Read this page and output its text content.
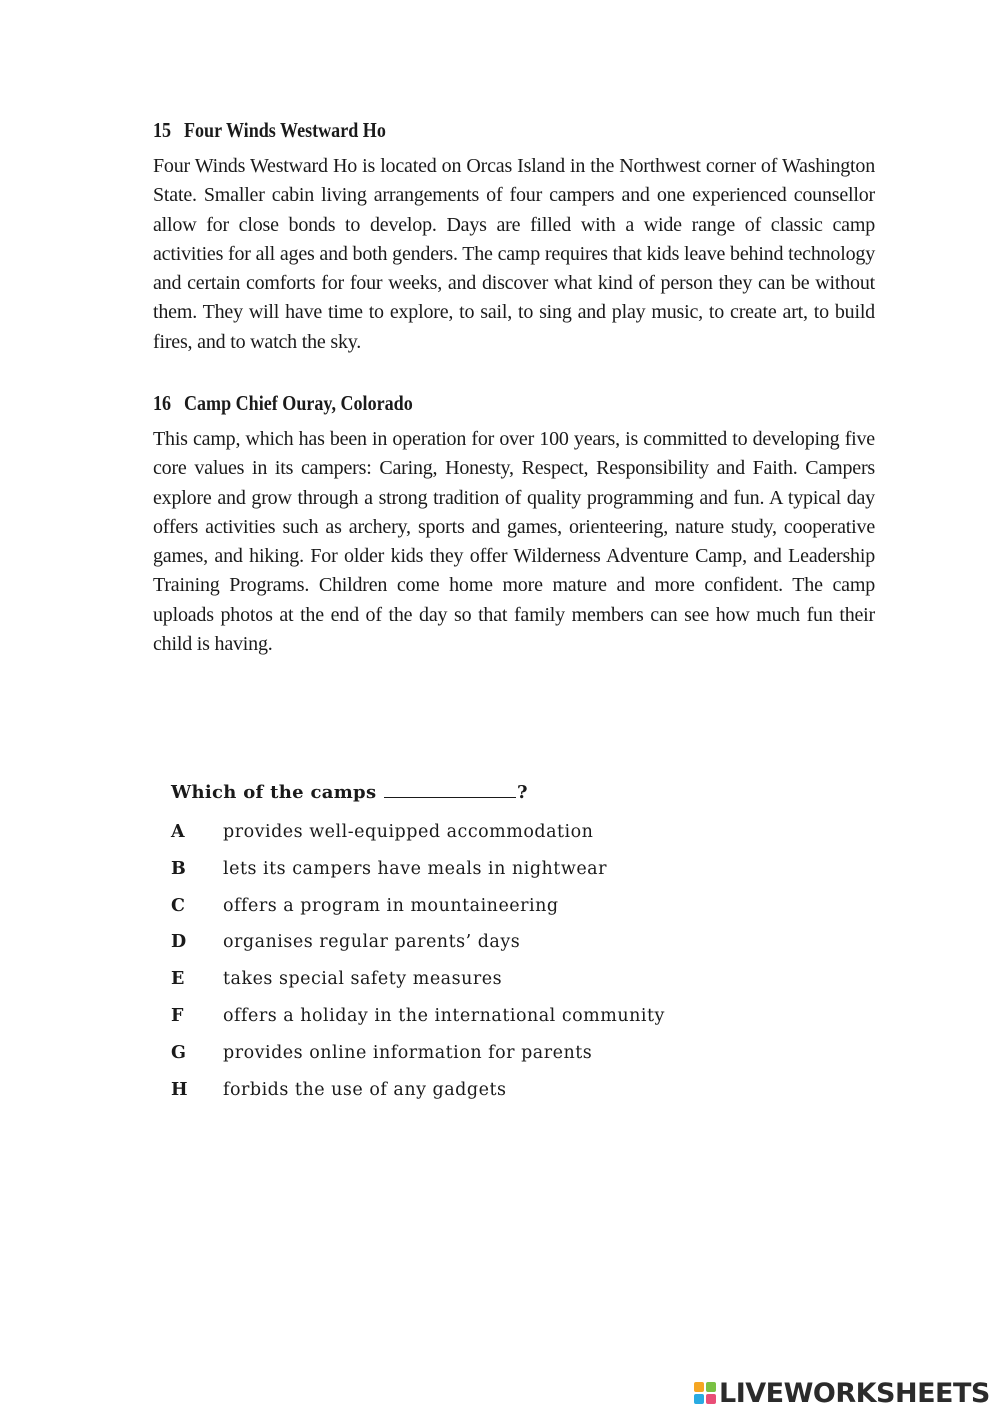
15 Four Winds Westward Ho

Four Winds Westward Ho is located on Orcas Island in the Northwest corner of Washington State. Smaller cabin living arrangements of four campers and one experienced counsellor allow for close bonds to develop. Days are filled with a wide range of classic camp activities for all ages and both genders. The camp requires that kids leave behind technology and certain comforts for four weeks, and discover what kind of person they can be without them. They will have time to explore, to sail, to sing and play music, to create art, to build fires, and to watch the sky.

16 Camp Chief Ouray, Colorado

This camp, which has been in operation for over 100 years, is committed to developing five core values in its campers: Caring, Honesty, Respect, Responsibility and Faith. Campers explore and grow through a strong tradition of quality programming and fun. A typical day offers activities such as archery, sports and games, orienteering, nature study, cooperative games, and hiking. For older kids they offer Wilderness Adventure Camp, and Leadership Training Programs. Children come home more mature and more confident. The camp uploads photos at the end of the day so that family members can see how much fun their child is having.

Which of the camps	?

A	provides well-equipped accommodation
B	lets its campers have meals in nightwear
C	offers a program in mountaineering
D	organises regular parents’ days
E	takes special safety measures
F	offers a holiday in the international community
G	provides online information for parents
H	forbids the use of any gadgets
LIVEWORKSHEETS
